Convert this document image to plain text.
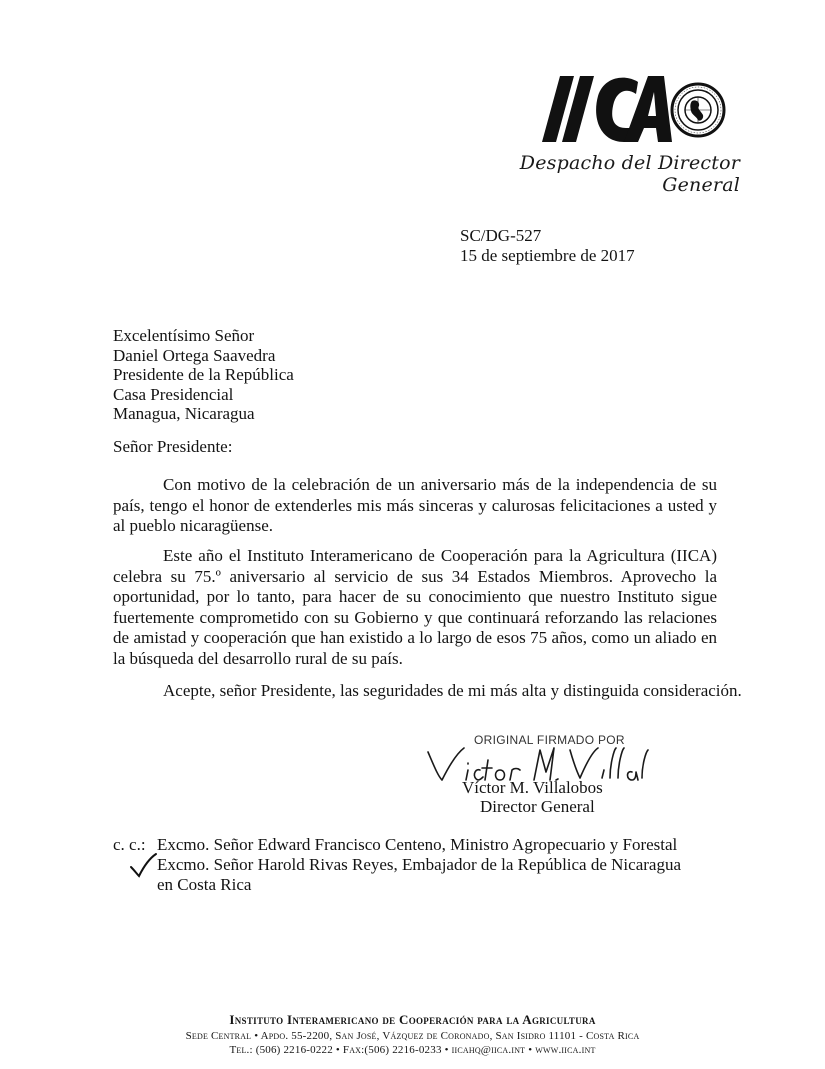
Despacho del Director General
SC/DG-527
15 de septiembre de 2017
Excelentísimo Señor
Daniel Ortega Saavedra
Presidente de la República
Casa Presidencial
Managua, Nicaragua
Señor Presidente:
Con motivo de la celebración de un aniversario más de la independencia de su país, tengo el honor de extenderles mis más sinceras y calurosas felicitaciones a usted y al pueblo nicaragüense.
Este año el Instituto Interamericano de Cooperación para la Agricultura (IICA) celebra su 75.º aniversario al servicio de sus 34 Estados Miembros. Aprovecho la oportunidad, por lo tanto, para hacer de su conocimiento que nuestro Instituto sigue fuertemente comprometido con su Gobierno y que continuará reforzando las relaciones de amistad y cooperación que han existido a lo largo de esos 75 años, como un aliado en la búsqueda del desarrollo rural de su país.
Acepte, señor Presidente, las seguridades de mi más alta y distinguida consideración.
ORIGINAL FIRMADO POR
Víctor M. Villalobos
Director General
c. c.: Excmo. Señor Edward Francisco Centeno, Ministro Agropecuario y Forestal
Excmo. Señor Harold Rivas Reyes, Embajador de la República de Nicaragua
en Costa Rica
Instituto Interamericano de Cooperación para la Agricultura
Sede Central • Apdo. 55-2200, San José, Vázquez de Coronado, San Isidro 11101 - Costa Rica
Tel.: (506) 2216-0222 • Fax:(506) 2216-0233 • iicahq@iica.int • www.iica.int
